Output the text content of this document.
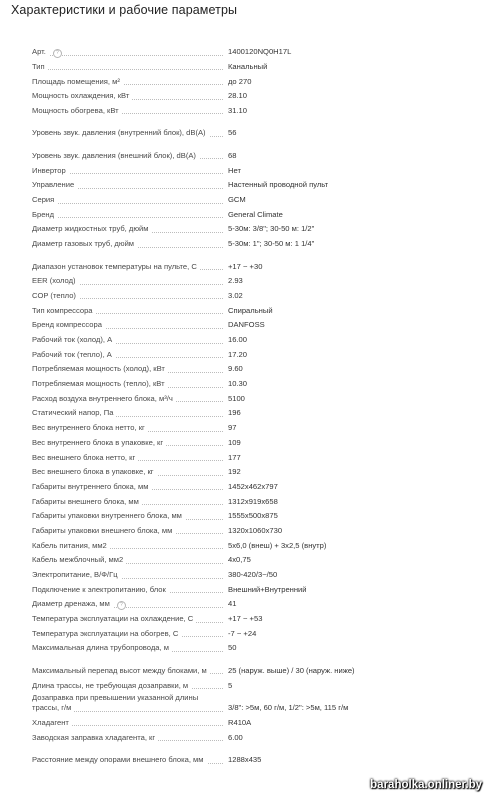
Характеристики и рабочие параметры
Арт. ?	1400120NQ0H17L
Тип	Канальный
Площадь помещения, м²	до 270
Мощность охлаждения, кВт	28.10
Мощность обогрева, кВт	31.10
Уровень звук. давления (внутренний блок), dB(A)	56
Уровень звук. давления (внешний блок), dB(A)	68
Инвертор	Нет
Управление	Настенный проводной пульт
Серия	GCM
Бренд	General Climate
Диаметр жидкостных труб, дюйм	5-30м: 3/8"; 30-50 м: 1/2"
Диаметр газовых труб, дюйм	5-30м: 1"; 30-50 м: 1 1/4"
Диапазон установок температуры на пульте, С	+17 ~ +30
EER (холод)	2.93
COP (тепло)	3.02
Тип компрессора	Спиральный
Бренд компрессора	DANFOSS
Рабочий ток (холод), А	16.00
Рабочий ток (тепло), А	17.20
Потребляемая мощность (холод), кВт	9.60
Потребляемая мощность (тепло), кВт	10.30
Расход воздуха внутреннего блока, м³/ч	5100
Статический напор, Па	196
Вес внутреннего блока нетто, кг	97
Вес внутреннего блока в упаковке, кг	109
Вес внешнего блока нетто, кг	177
Вес внешнего блока в упаковке, кг	192
Габариты внутреннего блока, мм	1452x462x797
Габариты внешнего блока, мм	1312x919x658
Габариты упаковки внутреннего блока, мм	1555x500x875
Габариты упаковки внешнего блока, мм	1320x1060x730
Кабель питания, мм2	5x6,0 (внеш) + 3x2,5 (внутр)
Кабель межблочный, мм2	4x0,75
Электропитание, В/Ф/Гц	380-420/3~/50
Подключение к электропитанию, блок	Внешний+Внутренний
Диаметр дренажа, мм ?	41
Температура эксплуатации на охлаждение, С	+17 ~ +53
Температура эксплуатации на обогрев, С	-7 ~ +24
Максимальная длина трубопровода, м	50
Максимальный перепад высот между блоками, м	25 (наруж. выше) / 30 (наруж. ниже)
Длина трассы, не требующая дозаправки, м	5
Дозаправка при превышении указанной длины трассы, г/м	3/8": >5м, 60 г/м, 1/2": >5м, 115 г/м
Хладагент	R410A
Заводская заправка хладагента, кг	6.00
Расстояние между опорами внешнего блока, мм	1288x435
baraholka.onliner.by
